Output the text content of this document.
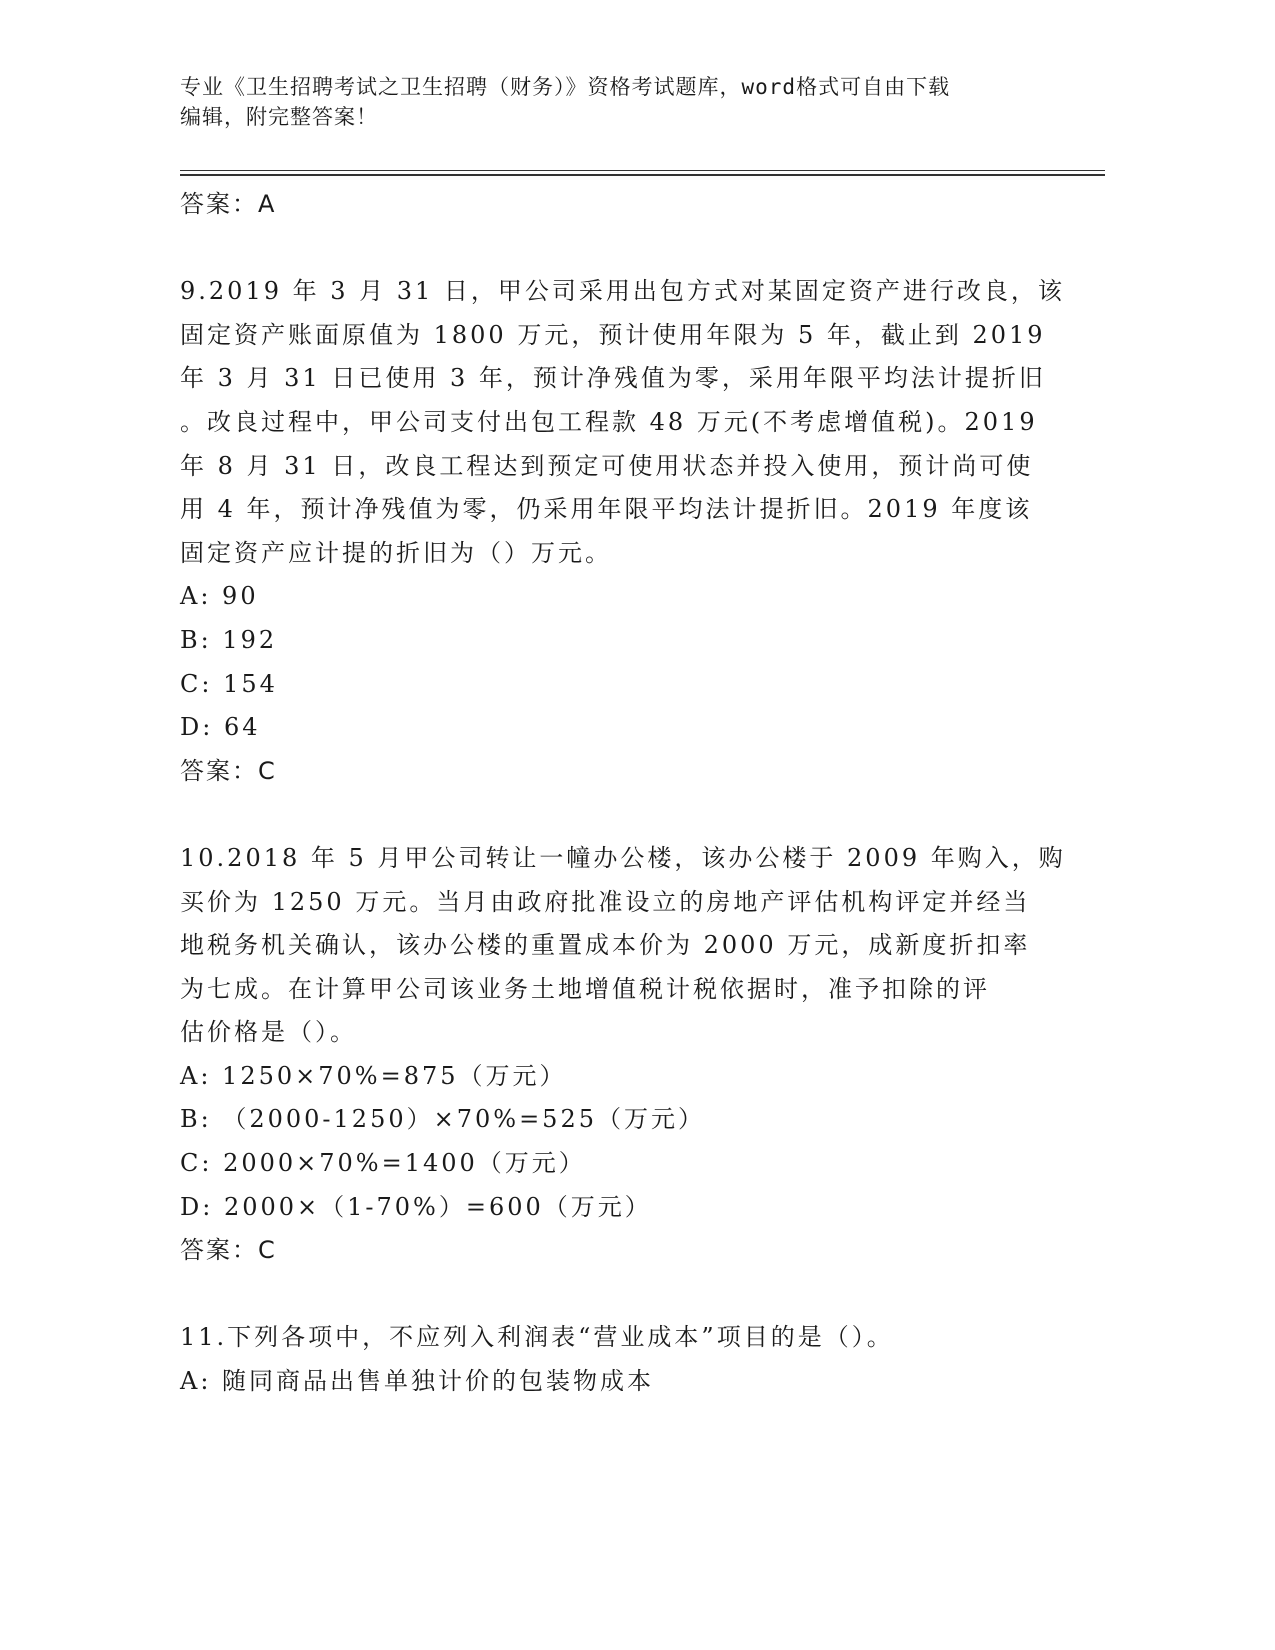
专业《卫生招聘考试之卫生招聘（财务）》资格考试题库，word格式可自由下载
编辑，附完整答案！
答案：A
9.2019 年 3 月 31 日，甲公司采用出包方式对某固定资产进行改良，该
固定资产账面原值为 1800 万元，预计使用年限为 5 年，截止到 2019
年 3 月 31 日已使用 3 年，预计净残值为零，采用年限平均法计提折旧
。改良过程中，甲公司支付出包工程款 48 万元(不考虑增值税)。2019
年 8 月 31 日，改良工程达到预定可使用状态并投入使用，预计尚可使
用 4 年，预计净残值为零，仍采用年限平均法计提折旧。2019 年度该
固定资产应计提的折旧为（）万元。
A: 90
B: 192
C: 154
D: 64
答案：C
10.2018 年 5 月甲公司转让一幢办公楼，该办公楼于 2009 年购入，购
买价为 1250 万元。当月由政府批准设立的房地产评估机构评定并经当
地税务机关确认，该办公楼的重置成本价为 2000 万元，成新度折扣率
为七成。在计算甲公司该业务土地增值税计税依据时，准予扣除的评
估价格是（）。
A: 1250×70%=875（万元）
B: （2000-1250）×70%=525（万元）
C: 2000×70%=1400（万元）
D: 2000×（1-70%）=600（万元）
答案：C
11.下列各项中，不应列入利润表“营业成本”项目的是（）。
A: 随同商品出售单独计价的包装物成本
